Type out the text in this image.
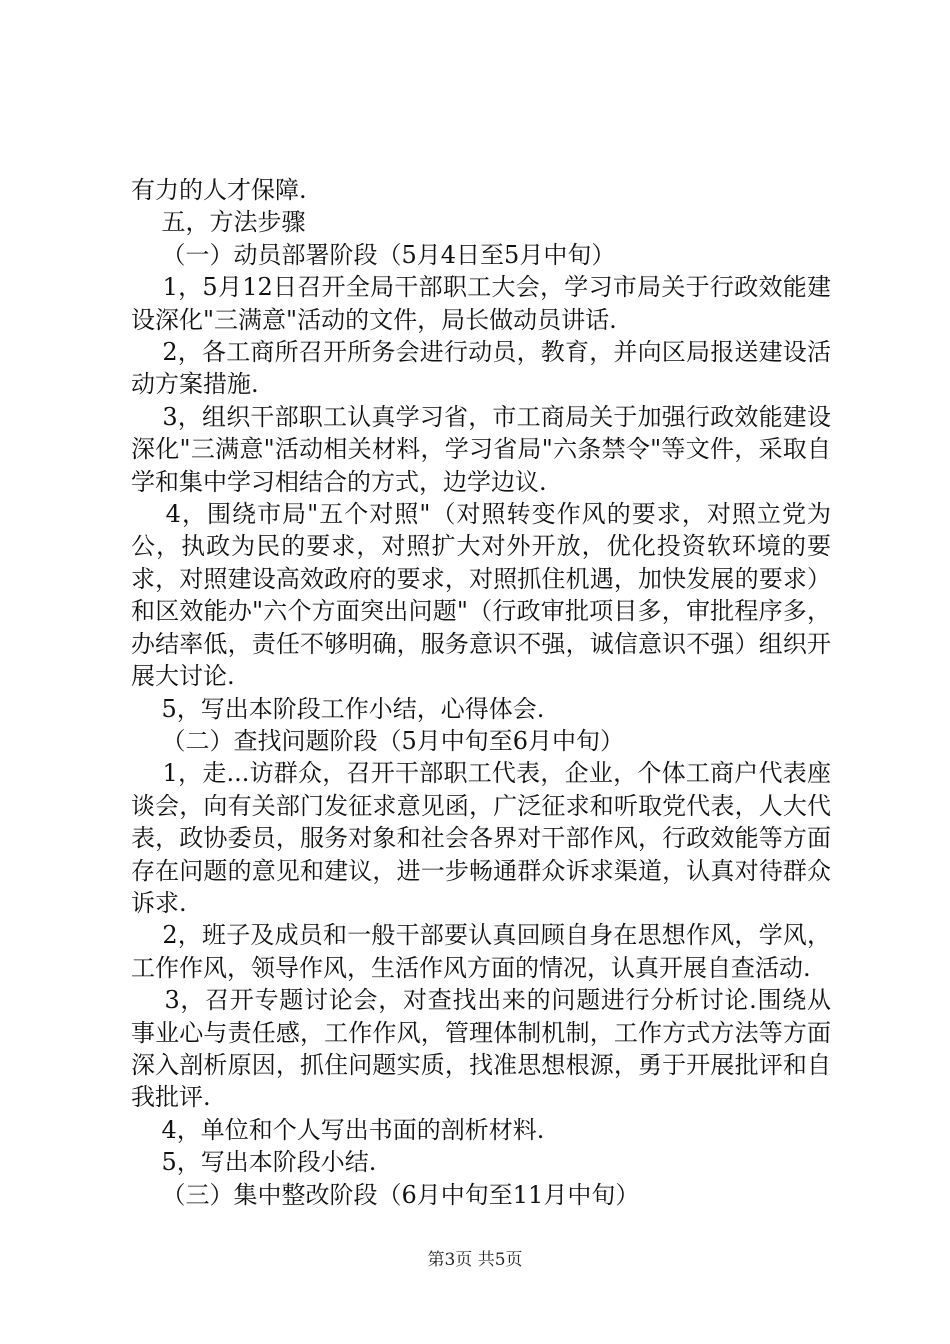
有力的人才保障.

五，方法步骤

（一）动员部署阶段（5月4日至5月中旬）

1，5月12日召开全局干部职工大会，学习市局关于行政效能建设深化"三满意"活动的文件，局长做动员讲话.

2，各工商所召开所务会进行动员，教育，并向区局报送建设活动方案措施.

3，组织干部职工认真学习省，市工商局关于加强行政效能建设深化"三满意"活动相关材料，学习省局"六条禁令"等文件，采取自学和集中学习相结合的方式，边学边议.

4，围绕市局"五个对照"（对照转变作风的要求，对照立党为公，执政为民的要求，对照扩大对外开放，优化投资软环境的要求，对照建设高效政府的要求，对照抓住机遇，加快发展的要求）和区效能办"六个方面突出问题"（行政审批项目多，审批程序多，办结率低，责任不够明确，服务意识不强，诚信意识不强）组织开展大讨论.

5，写出本阶段工作小结，心得体会.

（二）查找问题阶段（5月中旬至6月中旬）

1，走...访群众，召开干部职工代表，企业，个体工商户代表座谈会，向有关部门发征求意见函，广泛征求和听取党代表，人大代表，政协委员，服务对象和社会各界对干部作风，行政效能等方面存在问题的意见和建议，进一步畅通群众诉求渠道，认真对待群众诉求.

2，班子及成员和一般干部要认真回顾自身在思想作风，学风，工作作风，领导作风，生活作风方面的情况，认真开展自查活动.

3，召开专题讨论会，对查找出来的问题进行分析讨论.围绕从事业心与责任感，工作作风，管理体制机制，工作方式方法等方面深入剖析原因，抓住问题实质，找准思想根源，勇于开展批评和自我批评.

4，单位和个人写出书面的剖析材料.

5，写出本阶段小结.

（三）集中整改阶段（6月中旬至11月中旬）

第3页 共5页
